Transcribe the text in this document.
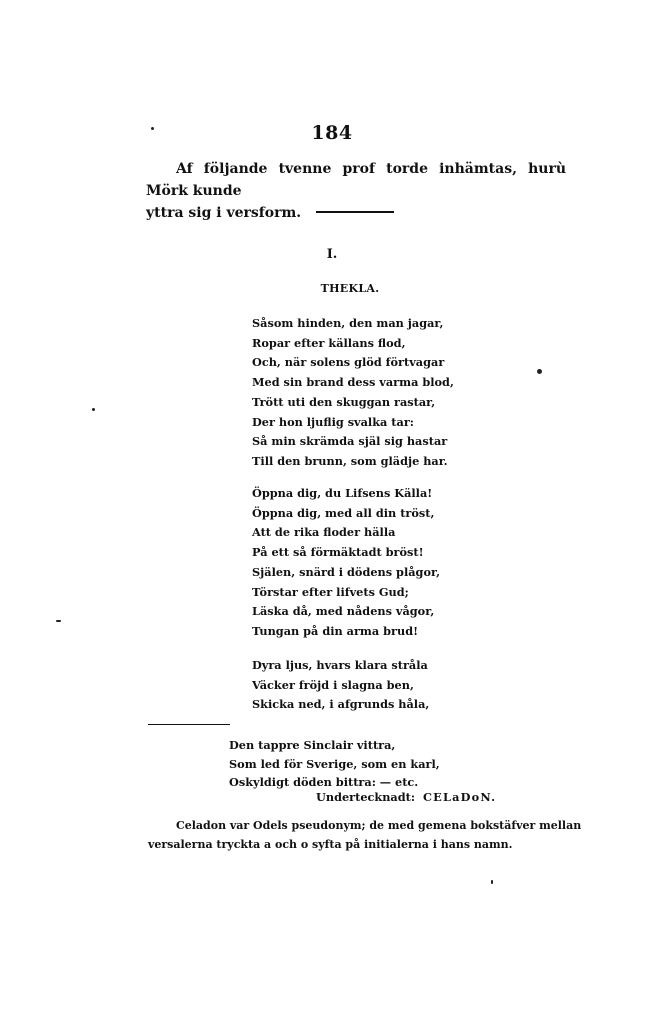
184
Af följande tvenne prof torde inhämtas, hurù Mörk kunde
yttra sig i versform.
I.
THEKLA.
Såsom hinden, den man jagar,
Ropar efter källans flod,
Och, när solens glöd förtvagar
Med sin brand dess varma blod,
Trött uti den skuggan rastar,
Der hon ljuflig svalka tar:
Så min skrämda själ sig hastar
Till den brunn, som glädje har.
Öppna dig, du Lifsens Källa!
Öppna dig, med all din tröst,
Att de rika floder hälla
På ett så förmäktadt bröst!
Själen, snärd i dödens plågor,
Törstar efter lifvets Gud;
Läska då, med nådens vågor,
Tungan på din arma brud!
Dyra ljus, hvars klara stråla
Väcker fröjd i slagna ben,
Skicka ned, i afgrunds håla,
Den tappre Sinclair vittra,
Som led för Sverige, som en karl,
Oskyldigt döden bittra: — etc.
Undertecknadt: CELaDoN.
Celadon var Odels pseudonym; de med gemena bokstäfver mellan
versalerna tryckta a och o syfta på initialerna i hans namn.
